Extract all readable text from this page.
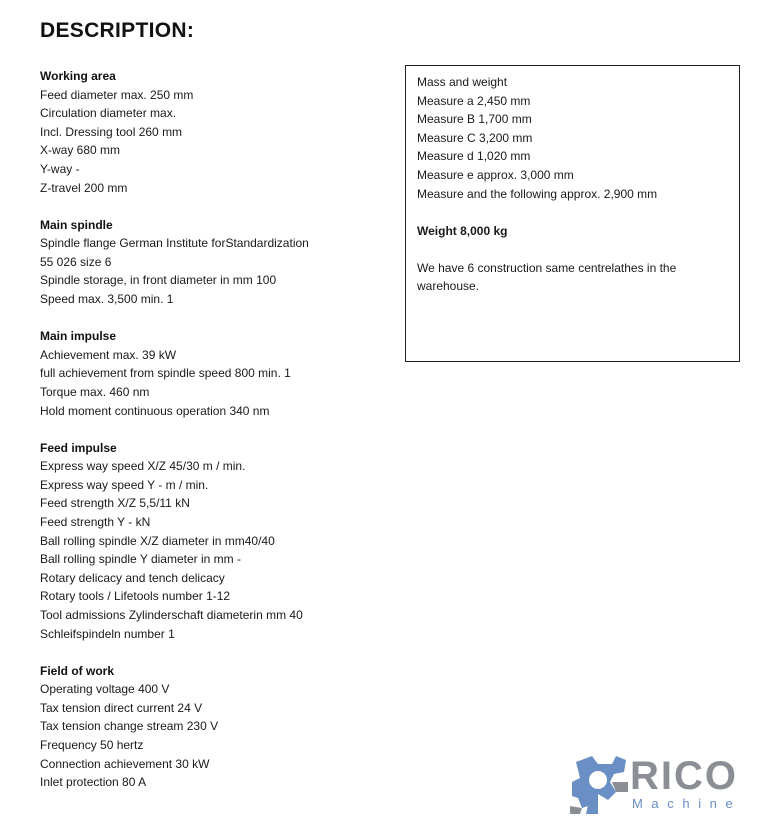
DESCRIPTION:
Working area
Feed diameter max. 250 mm
Circulation diameter max.
Incl. Dressing tool 260 mm
X-way 680 mm
Y-way -
Z-travel 200 mm
Main spindle
Spindle flange German Institute forStandardization
55 026 size 6
Spindle storage, in front diameter in mm 100
Speed max. 3,500 min. 1
Main impulse
Achievement max. 39 kW
full achievement from spindle speed 800 min. 1
Torque max. 460 nm
Hold moment continuous operation 340 nm
Feed impulse
Express way speed X/Z 45/30 m / min.
Express way speed Y - m / min.
Feed strength X/Z 5,5/11 kN
Feed strength Y - kN
Ball rolling spindle X/Z diameter in mm40/40
Ball rolling spindle Y diameter in mm -
Rotary delicacy and tench delicacy
Rotary tools / Lifetools number 1-12
Tool admissions Zylinderschaft diameterin mm 40
Schleifspindeln number 1
Field of work
Operating voltage 400 V
Tax tension direct current 24 V
Tax tension change stream 230 V
Frequency 50 hertz
Connection achievement 30 kW
Inlet protection 80 A
Mass and weight
Measure a 2,450 mm
Measure B 1,700 mm
Measure C 3,200 mm
Measure d 1,020 mm
Measure e approx. 3,000 mm
Measure and the following approx. 2,900 mm
Weight 8,000 kg
We have 6 construction same centrelathes in the warehouse.
RICO
Machine
